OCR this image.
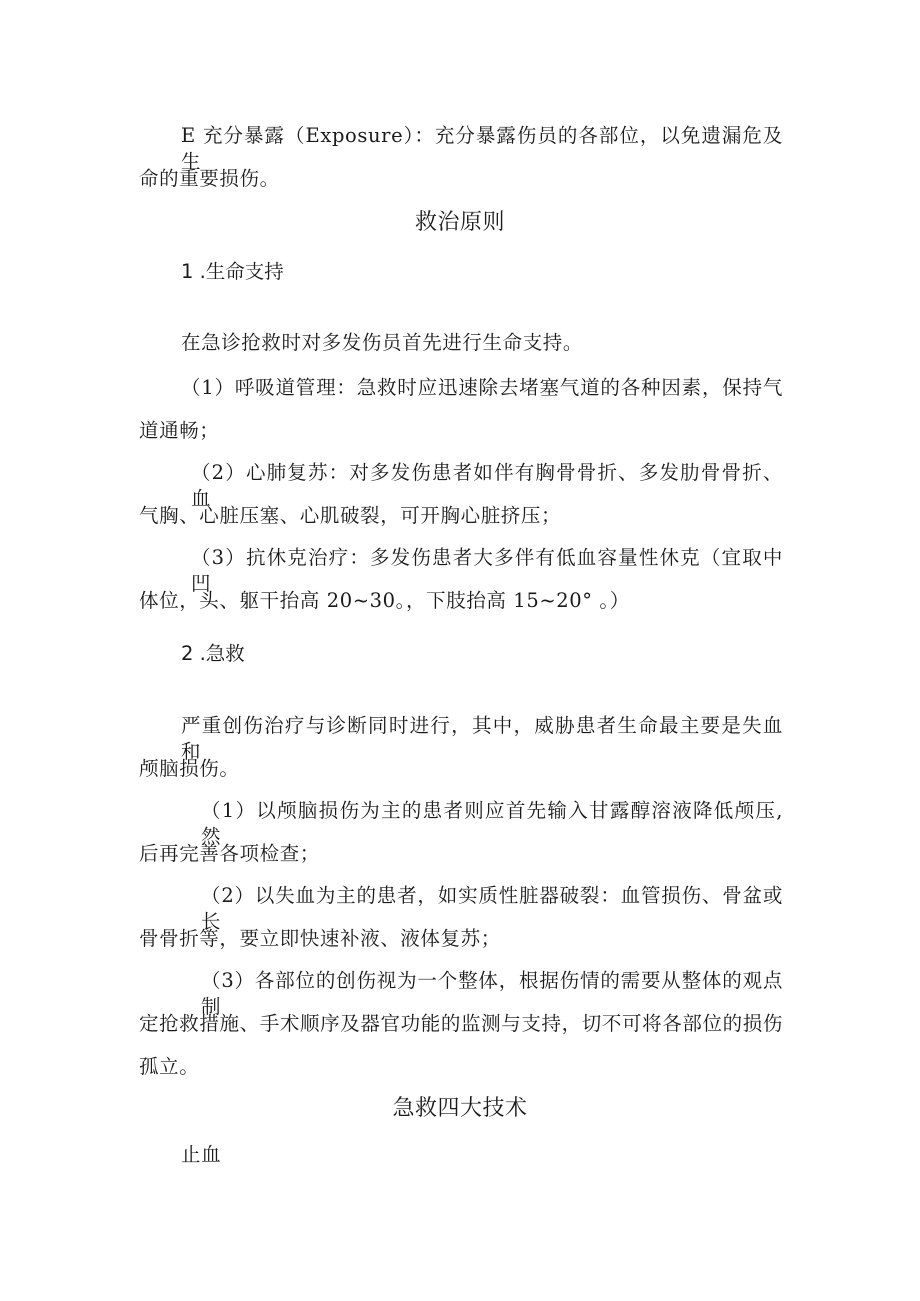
E 充分暴露（Exposure）：充分暴露伤员的各部位，以免遗漏危及生
命的重要损伤。
救治原则
1 .生命支持
在急诊抢救时对多发伤员首先进行生命支持。
（1）呼吸道管理：急救时应迅速除去堵塞气道的各种因素，保持气
道通畅；
（2）心肺复苏：对多发伤患者如伴有胸骨骨折、多发肋骨骨折、血
气胸、心脏压塞、心肌破裂，可开胸心脏挤压；
（3）抗休克治疗：多发伤患者大多伴有低血容量性休克（宜取中凹
体位，头、躯干抬高 20~30。，下肢抬高 15~20° 。）
2 .急救
严重创伤治疗与诊断同时进行，其中，威胁患者生命最主要是失血和
颅脑损伤。
（1）以颅脑损伤为主的患者则应首先输入甘露醇溶液降低颅压,然
后再完善各项检查；
（2）以失血为主的患者，如实质性脏器破裂：血管损伤、骨盆或长
骨骨折等，要立即快速补液、液体复苏；
（3）各部位的创伤视为一个整体，根据伤情的需要从整体的观点制
定抢救措施、手术顺序及器官功能的监测与支持，切不可将各部位的损伤
孤立。
急救四大技术
止血
